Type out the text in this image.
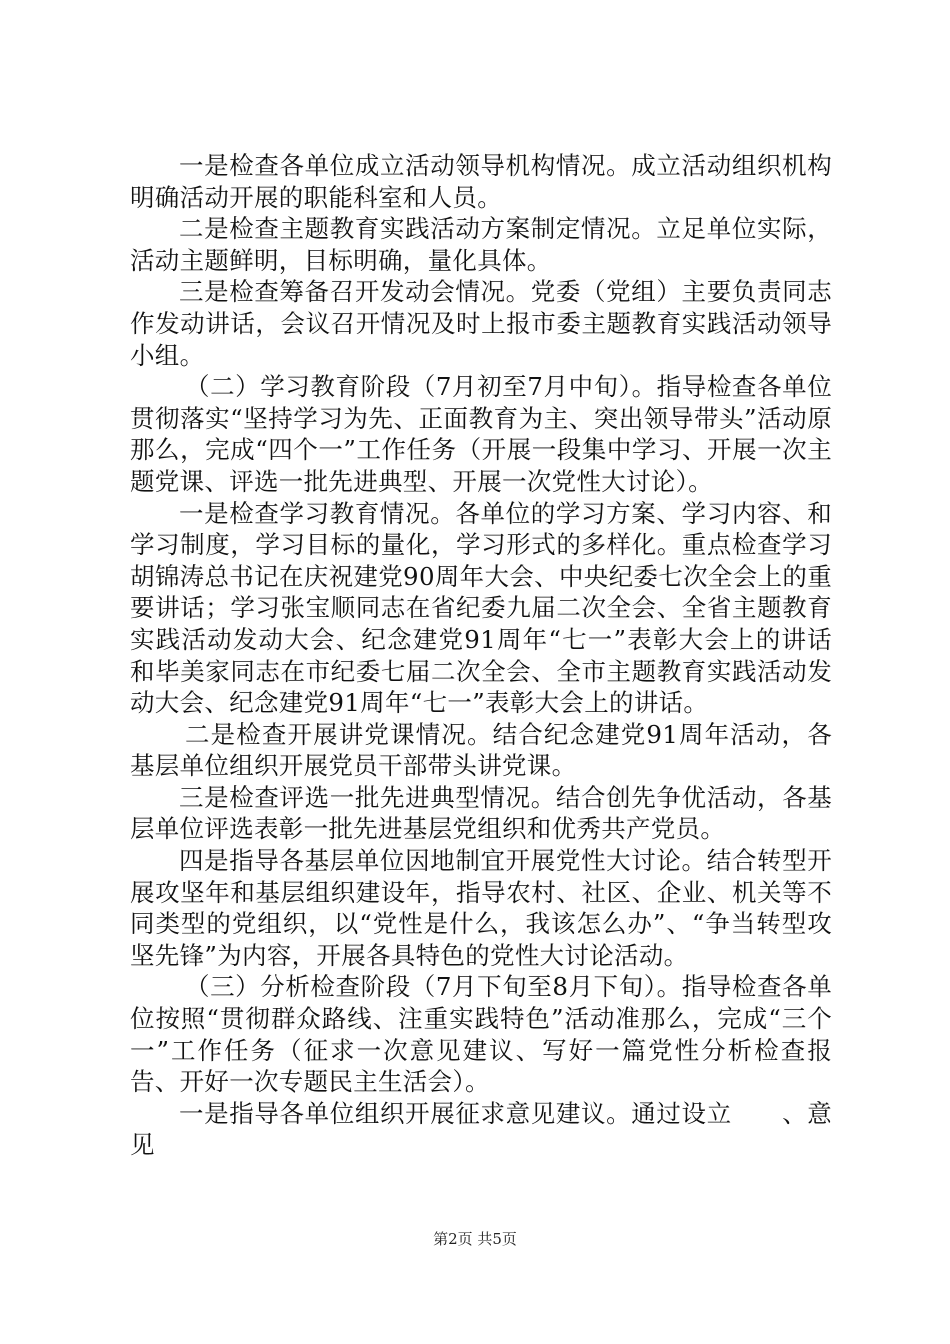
一是检查各单位成立活动领导机构情况。成立活动组织机构明确活动开展的职能科室和人员。

二是检查主题教育实践活动方案制定情况。立足单位实际，活动主题鲜明，目标明确，量化具体。

三是检查筹备召开发动会情况。党委（党组）主要负责同志作发动讲话，会议召开情况及时上报市委主题教育实践活动领导小组。

（二）学习教育阶段（7月初至7月中旬）。指导检查各单位贯彻落实“坚持学习为先、正面教育为主、突出领导带头”活动原那么，完成“四个一”工作任务（开展一段集中学习、开展一次主题党课、评选一批先进典型、开展一次党性大讨论）。

一是检查学习教育情况。各单位的学习方案、学习内容、和学习制度，学习目标的量化，学习形式的多样化。重点检查学习胡锦涛总书记在庆祝建党90周年大会、中央纪委七次全会上的重要讲话；学习张宝顺同志在省纪委九届二次全会、全省主题教育实践活动发动大会、纪念建党91周年“七一”表彰大会上的讲话和毕美家同志在市纪委七届二次全会、全市主题教育实践活动发动大会、纪念建党91周年“七一”表彰大会上的讲话。

二是检查开展讲党课情况。结合纪念建党91周年活动，各基层单位组织开展党员干部带头讲党课。

三是检查评选一批先进典型情况。结合创先争优活动，各基层单位评选表彰一批先进基层党组织和优秀共产党员。

四是指导各基层单位因地制宜开展党性大讨论。结合转型开展攻坚年和基层组织建设年，指导农村、社区、企业、机关等不同类型的党组织，以“党性是什么，我该怎么办”、“争当转型攻坚先锋”为内容，开展各具特色的党性大讨论活动。

（三）分析检查阶段（7月下旬至8月下旬）。指导检查各单位按照“贯彻群众路线、注重实践特色”活动准那么，完成“三个一”工作任务（征求一次意见建议、写好一篇党性分析检查报告、开好一次专题民主生活会）。

一是指导各单位组织开展征求意见建议。通过设立　　、意见

第2页 共5页
